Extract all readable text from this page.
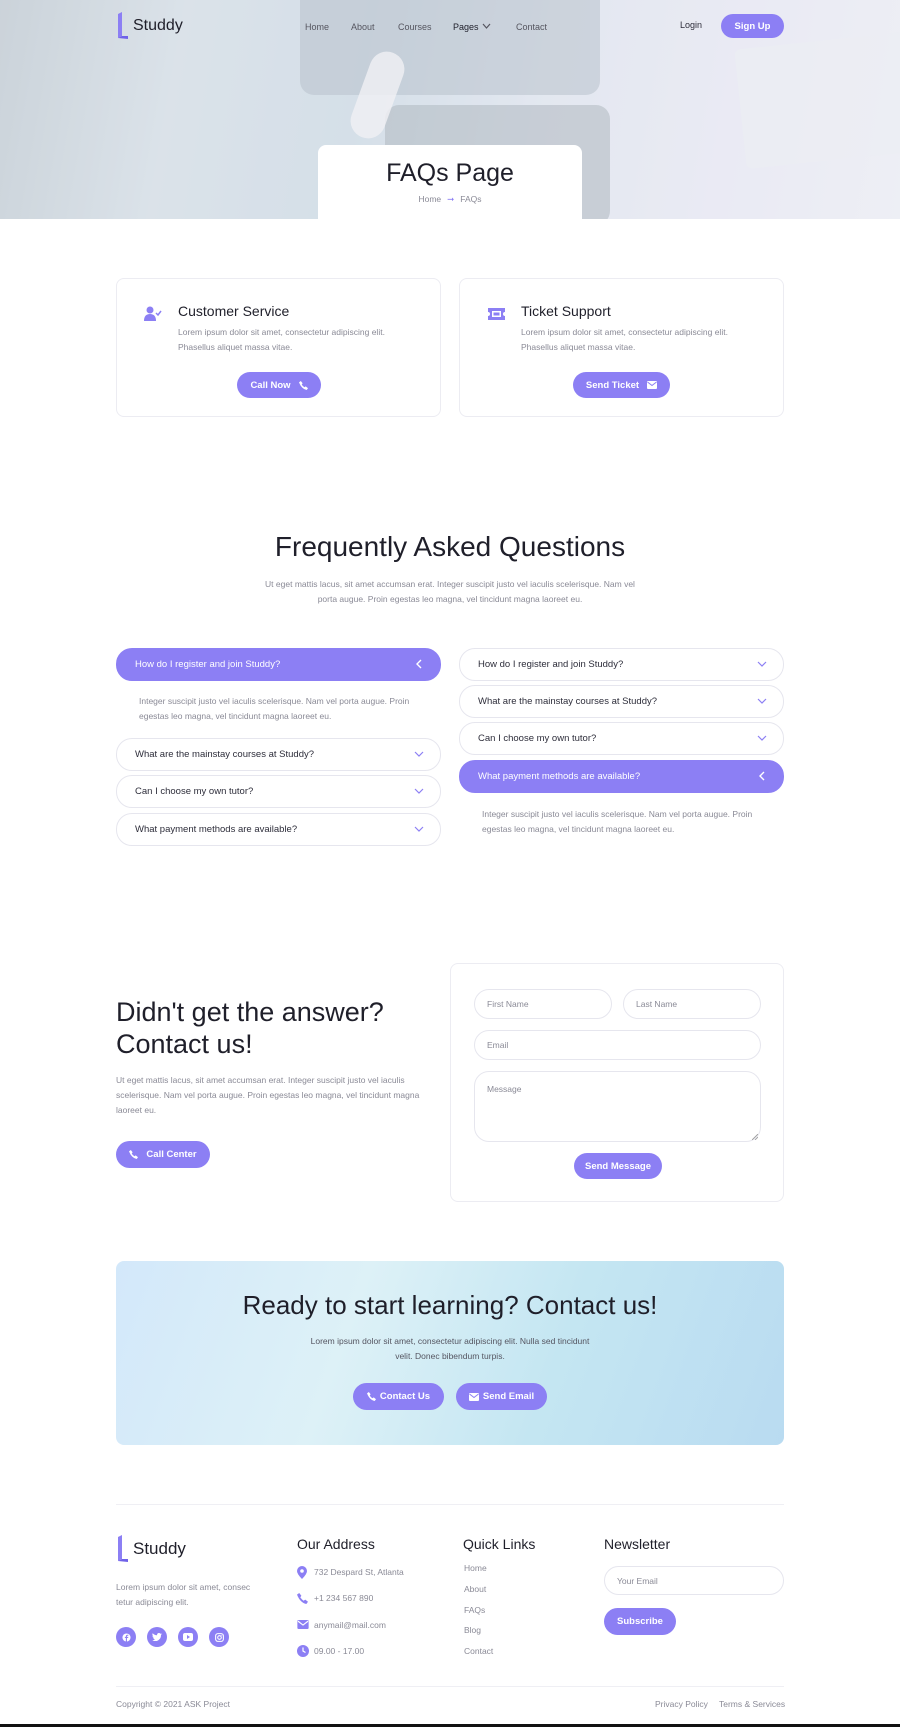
Studdy	Home About	Courses Pages	Contact	Login	Sign Up
FAQs Page
Home ➞ FAQs
Customer Service

Lorem ipsum dolor sit amet, consectetur adipiscing elit. Phasellus aliquet massa vitae.

Call Now
Ticket Support

Lorem ipsum dolor sit amet, consectetur adipiscing elit. Phasellus aliquet massa vitae.

Send Ticket
Frequently Asked Questions

Ut eget mattis lacus, sit amet accumsan erat. Integer suscipit justo vel iaculis scelerisque. Nam vel

porta augue. Proin egestas leo magna, vel tincidunt magna laoreet eu.

How do I register and join Studdy?

Integer suscipit justo vel iaculis scelerisque. Nam vel porta augue. Proin

egestas leo magna, vel tincidunt magna laoreet eu.

What are the mainstay courses at Studdy?
Can I choose my own tutor?
What payment methods are available?
How do I register and join Studdy?
What are the mainstay courses at Studdy?
Can I choose my own tutor?
What payment methods are available?

Integer suscipit justo vel iaculis scelerisque. Nam vel porta augue. Proin

egestas leo magna, vel tincidunt magna laoreet eu.

Didn't get the answer?
Contact us!

Ut eget mattis lacus, sit amet accumsan erat. Integer suscipit justo vel iaculis

scelerisque. Nam vel porta augue. Proin egestas leo magna, vel tincidunt magna

laoreet eu.

Call Center
First Name	Last Name
Email
Message
Send Message
Ready to start learning? Contact us!

Lorem ipsum dolor sit amet, consectetur adipiscing elit. Nulla sed tincidunt

velit. Donec bibendum turpis.

Contact Us	Send Email
Studdy

Lorem ipsum dolor sit amet, consec

tetur adipiscing elit.

Our Address
732 Despard St, Atlanta
+1 234 567 890
anymail@mail.com
09.00 - 17.00
Quick Links
Home
About
FAQs
Blog
Contact
Newsletter
Your Email
Subscribe
Copyright © 2021 ASK Project	Privacy Policy Terms & Services
